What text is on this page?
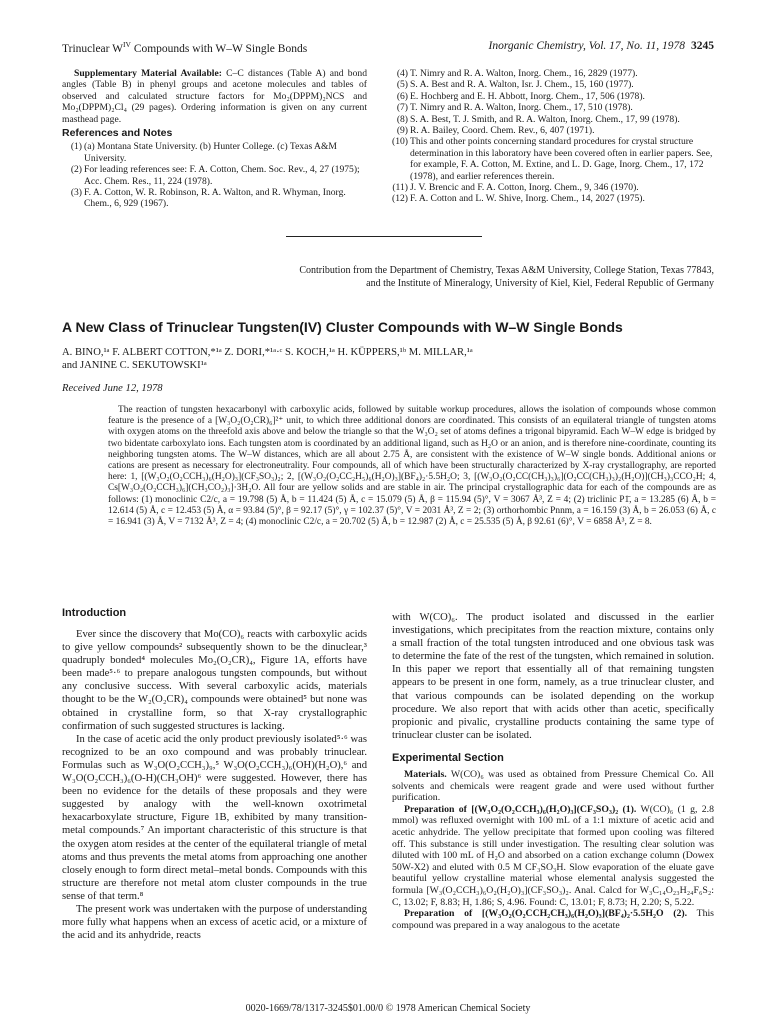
Trinuclear $W^{IV}$ Compounds with W–W Single Bonds	Inorganic Chemistry, Vol. 17, No. 11, 1978 3245

Supplementary Material Available: C–C distances (Table A) and bond angles (Table B) in phenyl groups and acetone molecules and tables of observed and calculated structure factors for Mo₂(DPPM)₂NCS and Mo₂(DPPM)₂Cl₄ (29 pages). Ordering information is given on any current masthead page.

References and Notes
(1) (a) Montana State University. (b) Hunter College. (c) Texas A&M University.
(2) For leading references see: F. A. Cotton, Chem. Soc. Rev., 4, 27 (1975); Acc. Chem. Res., 11, 224 (1978).
(3) F. A. Cotton, W. R. Robinson, R. A. Walton, and R. Whyman, Inorg. Chem., 6, 929 (1967).
(4) T. Nimry and R. A. Walton, Inorg. Chem., 16, 2829 (1977).
(5) S. A. Best and R. A. Walton, Isr. J. Chem., 15, 160 (1977).
(6) E. Hochberg and E. H. Abbott, Inorg. Chem., 17, 506 (1978).
(7) T. Nimry and R. A. Walton, Inorg. Chem., 17, 510 (1978).
(8) S. A. Best, T. J. Smith, and R. A. Walton, Inorg. Chem., 17, 99 (1978).
(9) R. A. Bailey, Coord. Chem. Rev., 6, 407 (1971).
(10) This and other points concerning standard procedures for crystal structure determination in this laboratory have been covered often in earlier papers. See, for example, F. A. Cotton, M. Extine, and L. D. Gage, Inorg. Chem., 17, 172 (1978), and earlier references therein.
(11) J. V. Brencic and F. A. Cotton, Inorg. Chem., 9, 346 (1970).
(12) F. A. Cotton and L. W. Shive, Inorg. Chem., 14, 2027 (1975).
Contribution from the Department of Chemistry, Texas A&M University, College Station, Texas 77843,
and the Institute of Mineralogy, University of Kiel, Kiel, Federal Republic of Germany
A New Class of Trinuclear Tungsten(IV) Cluster Compounds with W–W Single Bonds
A. BINO,¹ᵃ F. ALBERT COTTON,*¹ᵃ Z. DORI,*¹ᵃ·ᶜ S. KOCH,¹ᵃ H. KÜPPERS,¹ᵇ M. MILLAR,¹ᵃ
and JANINE C. SEKUTOWSKI¹ᵃ
Received June 12, 1978

The reaction of tungsten hexacarbonyl with carboxylic acids, followed by suitable workup procedures, allows the isolation of compounds whose common feature is the presence of a [W₃O₂(O₂CR)₆]²⁺ unit, to which three additional donors are coordinated. This consists of an equilateral triangle of tungsten atoms with oxygen atoms on the threefold axis above and below the triangle so that the W₃O₂ set of atoms defines a trigonal bipyramid. Each W–W edge is bridged by two bidentate carboxylato ions. Each tungsten atom is coordinated by an additional ligand, such as H₂O or an anion, and is therefore nine-coordinate, counting its neighboring tungsten atoms. The W–W distances, which are all about 2.75 Å, are consistent with the existence of W–W single bonds. Additional anions or cations are present as necessary for electroneutrality. Four compounds, all of which have been structurally characterized by X-ray crystallography, are reported here: 1, [(W₃O₂(O₂CCH₃)₆(H₂O)₃](CF₃SO₃)₂; 2, [(W₃O₂(O₂CC₂H₅)₆(H₂O)₃](BF₄)₂·5.5H₂O; 3, [(W₃O₂(O₂CC(CH₃)₃)₆](O₂CC(CH₃)₃)₂(H₂O)](CH₃)₃CCO₂H; 4, Cs[W₃O₂(O₂CCH₃)₆](CH₃CO₂)₃]·3H₂O. All four are yellow solids and are stable in air. The principal crystallographic data for each of the compounds are as follows: (1) monoclinic C2/c, a = 19.798 (5) Å, b = 11.424 (5) Å, c = 15.079 (5) Å, β = 115.94 (5)°, V = 3067 Å³, Z = 4; (2) triclinic P1̄, a = 13.285 (6) Å, b = 12.614 (5) Å, c = 12.453 (5) Å, α = 93.84 (5)°, β = 92.17 (5)°, γ = 102.37 (5)°, V = 2031 Å³, Z = 2; (3) orthorhombic Pnnm, a = 16.159 (3) Å, b = 26.053 (6) Å, c = 16.941 (3) Å, V = 7132 Å³, Z = 4; (4) monoclinic C2/c, a = 20.702 (5) Å, b = 12.987 (2) Å, c = 25.535 (5) Å, β 92.61 (6)°, V = 6858 Å³, Z = 8.

Introduction

Ever since the discovery that Mo(CO)₆ reacts with carboxylic acids to give yellow compounds² subsequently shown to be the dinuclear,³ quadruply bonded⁴ molecules Mo₂(O₂CR)₄, Figure 1A, efforts have been made⁵·⁶ to prepare analogous tungsten compounds, but without any conclusive success. With several carboxylic acids, materials thought to be the W₂(O₂CR)₄ compounds were obtained⁵ but none was obtained in crystalline form, so that X-ray crystallographic confirmation of such suggested structures is lacking.

In the case of acetic acid the only product previously isolated⁵·⁶ was recognized to be an oxo compound and was probably trinuclear. Formulas such as W₃O(O₂CCH₃)₉,⁵ W₃O(O₂CCH₃)₆(OH)(H₂O),⁶ and W₃O(O₂CCH₃)₆(O-H)(CH₃OH)⁶ were suggested. However, there has been no evidence for the details of these proposals and they were suggested by analogy with the well-known oxotrimetal hexacarboxylate structure, Figure 1B, exhibited by many transition-metal compounds.⁷ An important characteristic of this structure is that the oxygen atom resides at the center of the equilateral triangle of metal atoms and thus prevents the metal atoms from approaching one another closely enough to form direct metal–metal bonds. Compounds with this structure are therefore not metal atom cluster compounds in the true sense of that term.⁸

The present work was undertaken with the purpose of understanding more fully what happens when an excess of acetic acid, or a mixture of the acid and its anhydride, reacts

with W(CO)₆. The product isolated and discussed in the earlier investigations, which precipitates from the reaction mixture, contains only a small fraction of the total tungsten introduced and one obvious task was to determine the fate of the rest of the tungsten, which remained in solution. In this paper we report that essentially all of that remaining tungsten appears to be present in one form, namely, as a true trinuclear cluster, and that various compounds can be isolated depending on the workup procedure. We also report that with acids other than acetic, specifically propionic and pivalic, crystalline products containing the same type of trinuclear cluster can be isolated.

Experimental Section

Materials. W(CO)₆ was used as obtained from Pressure Chemical Co. All solvents and chemicals were reagent grade and were used without further purification.

Preparation of [(W₃O₂(O₂CCH₃)₆(H₂O)₃](CF₃SO₃)₂ (1). W(CO)₆ (1 g, 2.8 mmol) was refluxed overnight with 100 mL of a 1:1 mixture of acetic acid and acetic anhydride. The yellow precipitate that formed upon cooling was filtered off. This substance is still under investigation. The resulting clear solution was diluted with 100 mL of H₂O and absorbed on a cation exchange column (Dowex 50W-X2) and eluted with 0.5 M CF₃SO₃H. Slow evaporation of the eluate gave beautiful yellow crystalline material whose elemental analysis suggested the formula [W₃(O₂CCH₃)₆O₂(H₂O)₃](CF₃SO₃)₂. Anal. Calcd for W₃C₁₄O₂₃H₂₄F₆S₂: C, 13.02; F, 8.83; H, 1.86; S, 4.96. Found: C, 13.01; F, 8.73; H, 2.20; S, 5.22.

Preparation of [(W₃O₂(O₂CCH₂CH₃)₆(H₂O)₃](BF₄)₂·5.5H₂O (2). This compound was prepared in a way analogous to the acetate

0020-1669/78/1317-3245$01.00/0 © 1978 American Chemical Society
